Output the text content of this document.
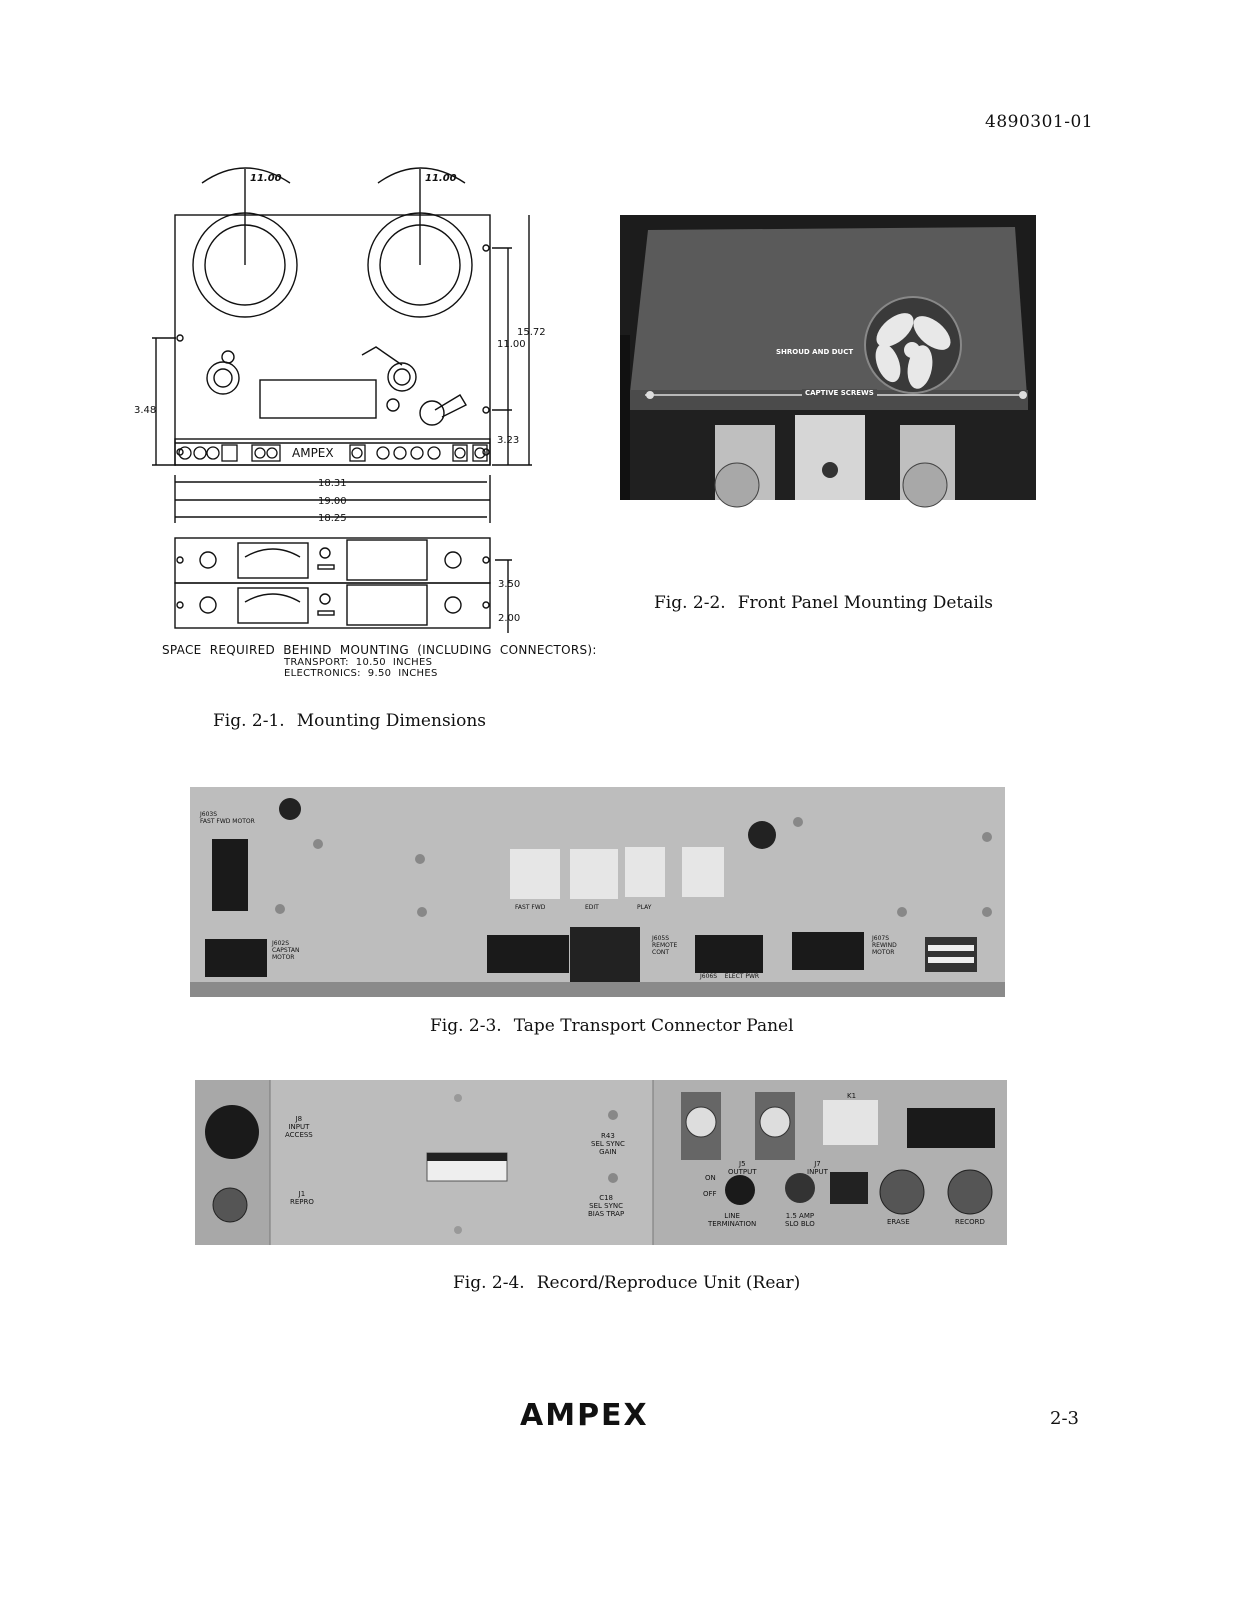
4890301-01
11.00	11.00
15.72
11.00
3.48
3.23
18.31
19.00
18.25
3.50
2.00
AMPEX
SPACE  REQUIRED  BEHIND  MOUNTING  (INCLUDING  CONNECTORS):
TRANSPORT:  10.50  INCHES
ELECTRONICS:  9.50  INCHES
Fig. 2-1. Mounting Dimensions
SHROUD AND DUCT
CAPTIVE SCREWS
Fig. 2-2. Front Panel Mounting Details
J603S
FAST FWD MOTOR
J602S
CAPSTAN
MOTOR
FAST FWD	EDIT	PLAY
J605S
REMOTE
CONT
J606S    ELECT PWR
J607S
REWIND
MOTOR
Fig. 2-3. Tape Transport Connector Panel
J8
INPUT
ACCESS
J1
REPRO
R43
SEL SYNC
GAIN
C18
SEL SYNC
BIAS TRAP
J5
OUTPUT
J7
INPUT
ON
OFF
LINE
TERMINATION
1.5 AMP
SLO BLO	ERASE	RECORD
K1
Fig. 2-4. Record/Reproduce Unit (Rear)
AMPEX	2-3
